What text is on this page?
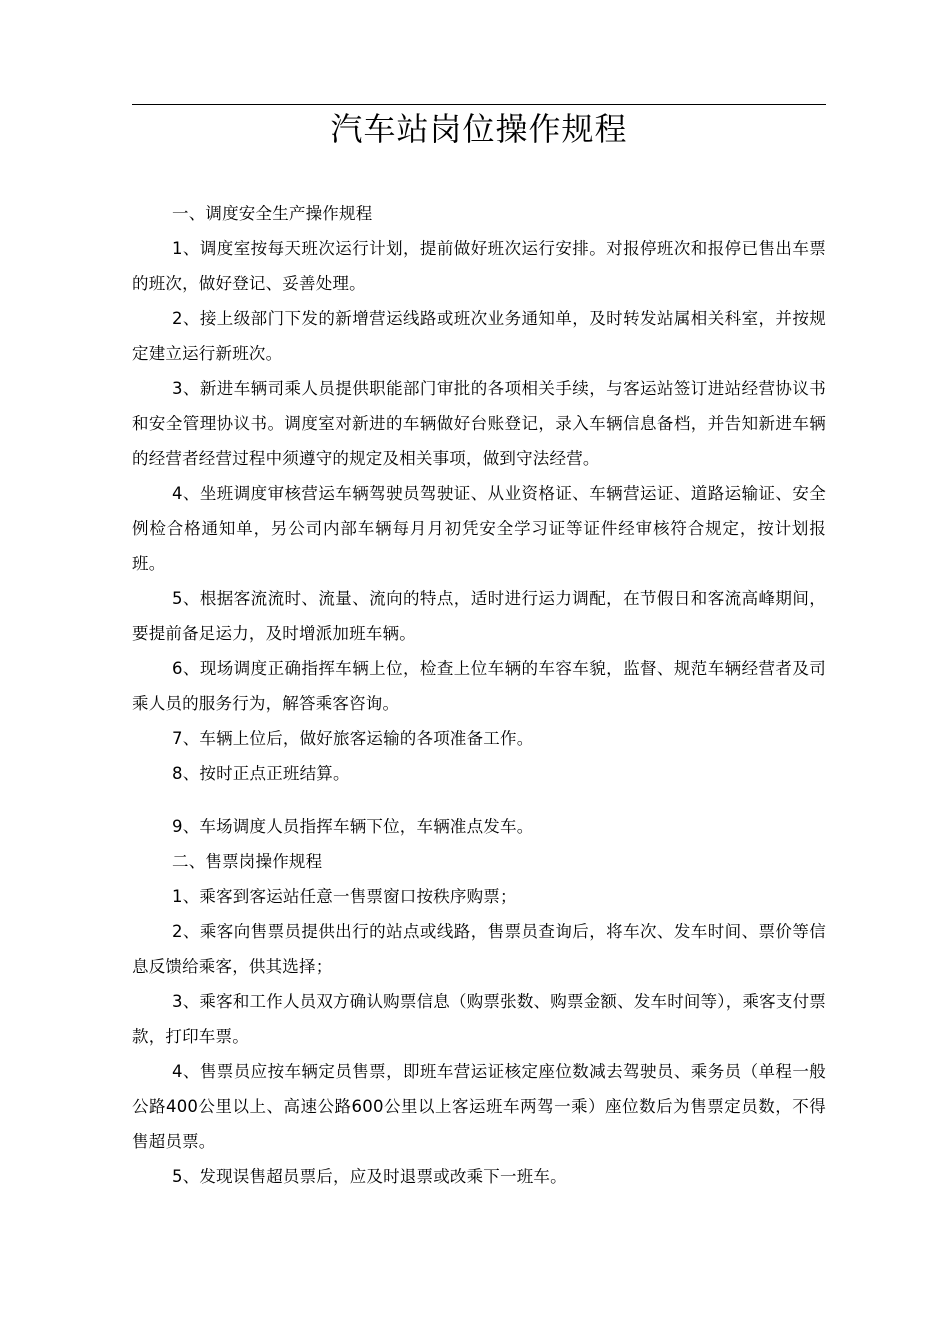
汽车站岗位操作规程

一、调度安全生产操作规程

1、调度室按每天班次运行计划，提前做好班次运行安排。对报停班次和报停已售出车票的班次，做好登记、妥善处理。

2、接上级部门下发的新增营运线路或班次业务通知单，及时转发站属相关科室，并按规定建立运行新班次。

3、新进车辆司乘人员提供职能部门审批的各项相关手续，与客运站签订进站经营协议书和安全管理协议书。调度室对新进的车辆做好台账登记，录入车辆信息备档，并告知新进车辆的经营者经营过程中须遵守的规定及相关事项，做到守法经营。

4、坐班调度审核营运车辆驾驶员驾驶证、从业资格证、车辆营运证、道路运输证、安全例检合格通知单，另公司内部车辆每月月初凭安全学习证等证件经审核符合规定，按计划报班。

5、根据客流流时、流量、流向的特点，适时进行运力调配，在节假日和客流高峰期间，要提前备足运力，及时增派加班车辆。

6、现场调度正确指挥车辆上位，检查上位车辆的车容车貌，监督、规范车辆经营者及司乘人员的服务行为，解答乘客咨询。

7、车辆上位后，做好旅客运输的各项准备工作。

8、按时正点正班结算。

9、车场调度人员指挥车辆下位，车辆准点发车。

二、售票岗操作规程

1、乘客到客运站任意一售票窗口按秩序购票；

2、乘客向售票员提供出行的站点或线路，售票员查询后，将车次、发车时间、票价等信息反馈给乘客，供其选择；

3、乘客和工作人员双方确认购票信息（购票张数、购票金额、发车时间等），乘客支付票款，打印车票。

4、售票员应按车辆定员售票，即班车营运证核定座位数减去驾驶员、乘务员（单程一般公路400公里以上、高速公路600公里以上客运班车两驾一乘）座位数后为售票定员数，不得售超员票。

5、发现误售超员票后，应及时退票或改乘下一班车。
